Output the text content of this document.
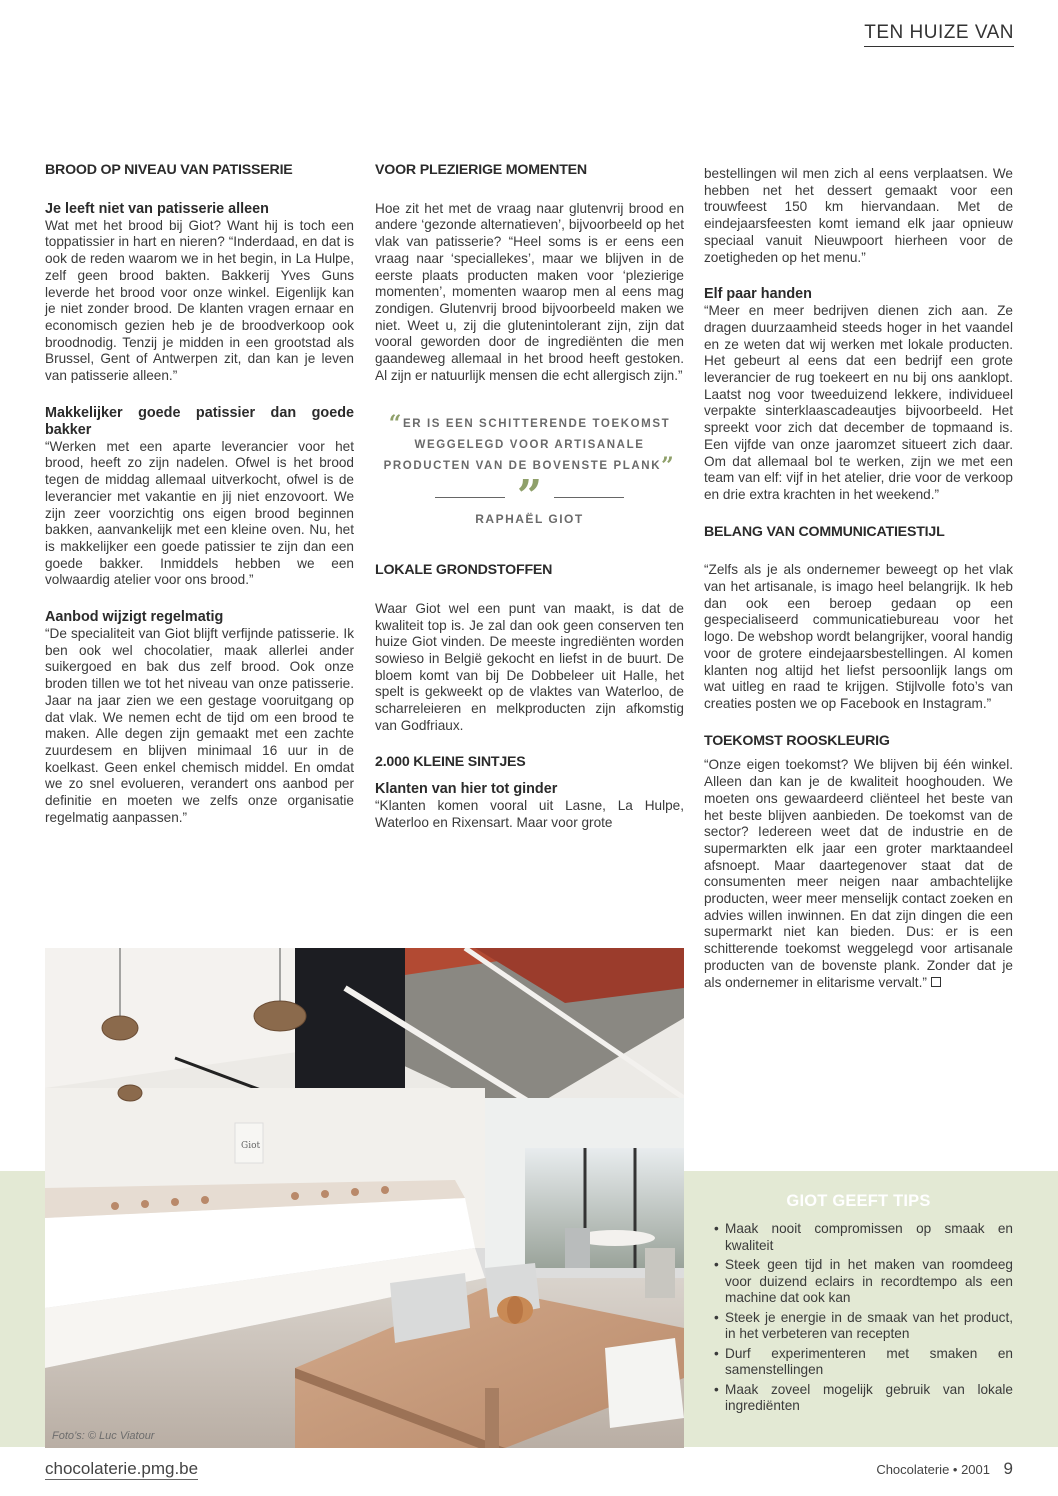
TEN HUIZE VAN
BROOD OP NIVEAU VAN PATISSERIE
Je leeft niet van patisserie alleen

Wat met het brood bij Giot? Want hij is toch een toppatissier in hart en nieren? “Inderdaad, en dat is ook de reden waarom we in het begin, in La Hulpe, zelf geen brood bakten. Bakkerij Yves Guns leverde het brood voor onze winkel. Eigenlijk kan je niet zonder brood. De klanten vragen ernaar en economisch gezien heb je de broodverkoop ook broodnodig. Tenzij je midden in een grootstad als Brussel, Gent of Antwerpen zit, dan kan je leven van patisserie alleen.”

Makkelijker goede patissier dan goede bakker

“Werken met een aparte leverancier voor het brood, heeft zo zijn nadelen. Ofwel is het brood tegen de middag allemaal uitverkocht, ofwel is de leverancier met vakantie en jij niet enzovoort. We zijn zeer voorzichtig ons eigen brood beginnen bakken, aanvankelijk met een kleine oven. Nu, het is makkelijker een goede patissier te zijn dan een goede bakker. Inmiddels hebben we een volwaardig atelier voor ons brood.”

Aanbod wijzigt regelmatig

“De specialiteit van Giot blijft verfijnde patisserie. Ik ben ook wel chocolatier, maak allerlei ander suikergoed en bak dus zelf brood. Ook onze broden tillen we tot het niveau van onze patisserie. Jaar na jaar zien we een gestage vooruitgang op dat vlak. We nemen echt de tijd om een brood te maken. Alle degen zijn gemaakt met een zachte zuurdesem en blijven minimaal 16 uur in de koelkast. Geen enkel chemisch middel. En omdat we zo snel evolueren, verandert ons aanbod per definitie en moeten we zelfs onze organisatie regelmatig aanpassen.”

VOOR PLEZIERIGE MOMENTEN

Hoe zit het met de vraag naar glutenvrij brood en andere ‘gezonde alternatieven’, bijvoorbeeld op het vlak van patisserie? “Heel soms is er eens een vraag naar ‘speciallekes’, maar we blijven in de eerste plaats producten maken voor ‘plezierige momenten’, momenten waarop men al eens mag zondigen. Glutenvrij brood bijvoorbeeld maken we niet. Weet u, zij die glutenintolerant zijn, zijn dat vooral geworden door de ingrediënten die men gaandeweg allemaal in het brood heeft gestoken. Al zijn er natuurlijk mensen die echt allergisch zijn.”

“ER IS EEN SCHITTERENDE TOEKOMST WEGGELEGD VOOR ARTISANALE PRODUCTEN VAN DE BOVENSTE PLANK”
”
RAPHAËL GIOT
LOKALE GRONDSTOFFEN

Waar Giot wel een punt van maakt, is dat de kwaliteit top is. Je zal dan ook geen conserven ten huize Giot vinden. De meeste ingrediënten worden sowieso in België gekocht en liefst in de buurt. De bloem komt van bij De Dobbeleer uit Halle, het spelt is gekweekt op de vlaktes van Waterloo, de scharreleieren en melkproducten zijn afkomstig van Godfriaux.

2.000 KLEINE SINTJES
Klanten van hier tot ginder

“Klanten komen vooral uit Lasne, La Hulpe, Waterloo en Rixensart. Maar voor grote

bestellingen wil men zich al eens verplaatsen. We hebben net het dessert gemaakt voor een trouwfeest 150 km hiervandaan. Met de eindejaarsfeesten komt iemand elk jaar opnieuw speciaal vanuit Nieuwpoort hierheen voor de zoetigheden op het menu.”

Elf paar handen

“Meer en meer bedrijven dienen zich aan. Ze dragen duurzaamheid steeds hoger in het vaandel en ze weten dat wij werken met lokale producten. Het gebeurt al eens dat een bedrijf een grote leverancier de rug toekeert en nu bij ons aanklopt. Laatst nog voor tweeduizend lekkere, individueel verpakte sinterklaascadeautjes bijvoorbeeld. Het spreekt voor zich dat december de topmaand is. Een vijfde van onze jaaromzet situeert zich daar. Om dat allemaal bol te werken, zijn we met een team van elf: vijf in het atelier, drie voor de verkoop en drie extra krachten in het weekend.”

BELANG VAN COMMUNICATIESTIJL

“Zelfs als je als ondernemer beweegt op het vlak van het artisanale, is imago heel belangrijk. Ik heb dan ook een beroep gedaan op een gespecialiseerd communicatiebureau voor het logo. De webshop wordt belangrijker, vooral handig voor de grotere eindejaarsbestellingen. Al komen klanten nog altijd het liefst persoonlijk langs om wat uitleg en raad te krijgen. Stijlvolle foto’s van creaties posten we op Facebook en Instagram.”

TOEKOMST ROOSKLEURIG

“Onze eigen toekomst? We blijven bij één winkel. Alleen dan kan je de kwaliteit hooghouden. We moeten ons gewaardeerd cliënteel het beste van het beste blijven aanbieden. De toekomst van de sector? Iedereen weet dat de industrie en de supermarkten elk jaar een groter marktaandeel afsnoept. Maar daartegenover staat dat de consumenten meer neigen naar ambachtelijke producten, weer meer menselijk contact zoeken en advies willen inwinnen. En dat zijn dingen die een supermarkt niet kan bieden. Dus: er is een schitterende toekomst weggelegd voor artisanale producten van de bovenste plank. Zonder dat je als ondernemer in elitarisme vervalt.”

Giot
Foto’s: © Luc Viatour
GIOT GEEFT TIPS
• Maak nooit compromissen op smaak en kwaliteit
• Steek geen tijd in het maken van roomdeeg voor duizend eclairs in recordtempo als een machine dat ook kan
• Steek je energie in de smaak van het product, in het verbeteren van recepten
• Durf experimenteren met smaken en samenstellingen
• Maak zoveel mogelijk gebruik van lokale ingrediënten
chocolaterie.pmg.be	Chocolaterie • 2001 9
